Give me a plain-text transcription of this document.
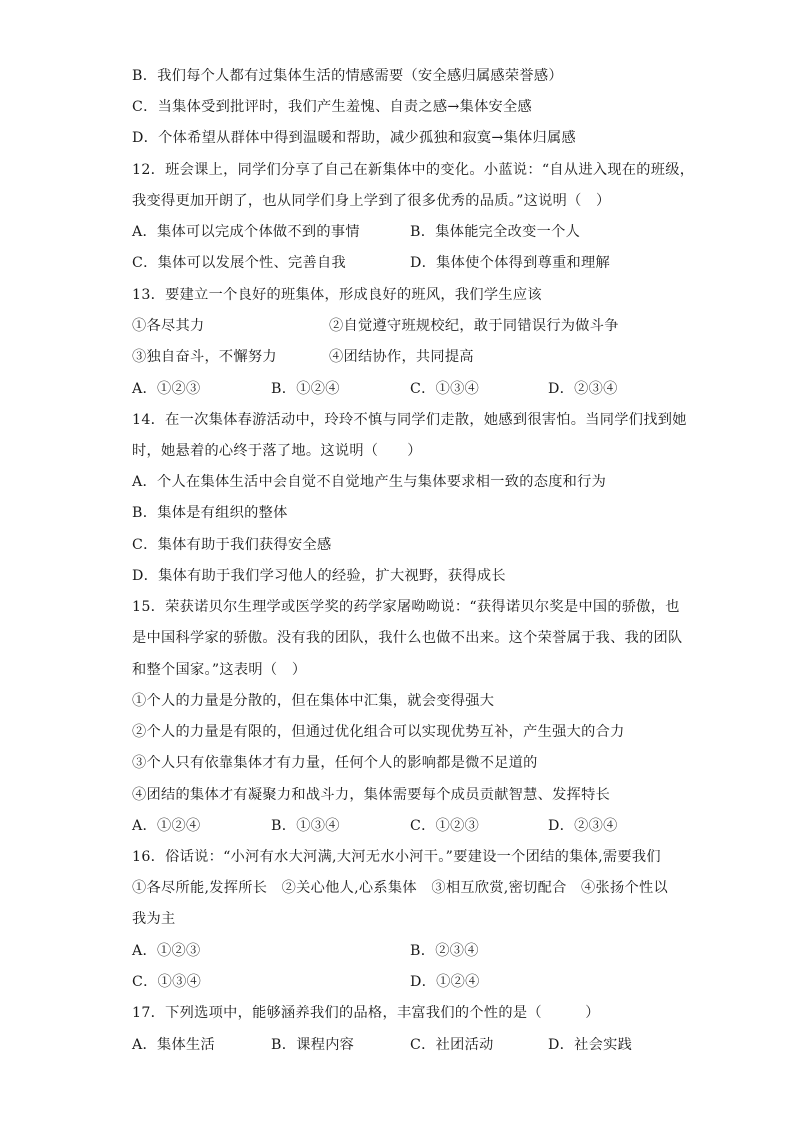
B．我们每个人都有过集体生活的情感需要（安全感归属感荣誉感）
C．当集体受到批评时，我们产生羞愧、自责之感→集体安全感
D．个体希望从群体中得到温暖和帮助，减少孤独和寂寞→集体归属感
12．班会课上，同学们分享了自己在新集体中的变化。小蓝说：“自从进入现在的班级，
我变得更加开朗了，也从同学们身上学到了很多优秀的品质。”这说明（　）
A．集体可以完成个体做不到的事情	B．集体能完全改变一个人
C．集体可以发展个性、完善自我	D．集体使个体得到尊重和理解
13．要建立一个良好的班集体，形成良好的班风，我们学生应该
①各尽其力	②自觉遵守班规校纪，敢于同错误行为做斗争
③独自奋斗，不懈努力	④团结协作，共同提高
A．①②③	B．①②④	C．①③④	D．②③④
14．在一次集体春游活动中，玲玲不慎与同学们走散，她感到很害怕。当同学们找到她
时，她悬着的心终于落了地。这说明（　　）
A．个人在集体生活中会自觉不自觉地产生与集体要求相一致的态度和行为
B．集体是有组织的整体
C．集体有助于我们获得安全感
D．集体有助于我们学习他人的经验，扩大视野，获得成长
15．荣获诺贝尔生理学或医学奖的药学家屠呦呦说：“获得诺贝尔奖是中国的骄傲，也
是中国科学家的骄傲。没有我的团队，我什么也做不出来。这个荣誉属于我、我的团队
和整个国家。”这表明（　）
①个人的力量是分散的，但在集体中汇集，就会变得强大
②个人的力量是有限的，但通过优化组合可以实现优势互补，产生强大的合力
③个人只有依靠集体才有力量，任何个人的影响都是微不足道的
④团结的集体才有凝聚力和战斗力，集体需要每个成员贡献智慧、发挥特长
A．①②④	B．①③④	C．①②③	D．②③④
16．俗话说：“小河有水大河满,大河无水小河干。”要建设一个团结的集体,需要我们
①各尽所能,发挥所长　②关心他人,心系集体　③相互欣赏,密切配合　④张扬个性以
我为主
A．①②③	B．②③④
C．①③④	D．①②④
17．下列选项中，能够涵养我们的品格，丰富我们的个性的是（　　　）
A．集体生活	B．课程内容	C．社团活动	D．社会实践
